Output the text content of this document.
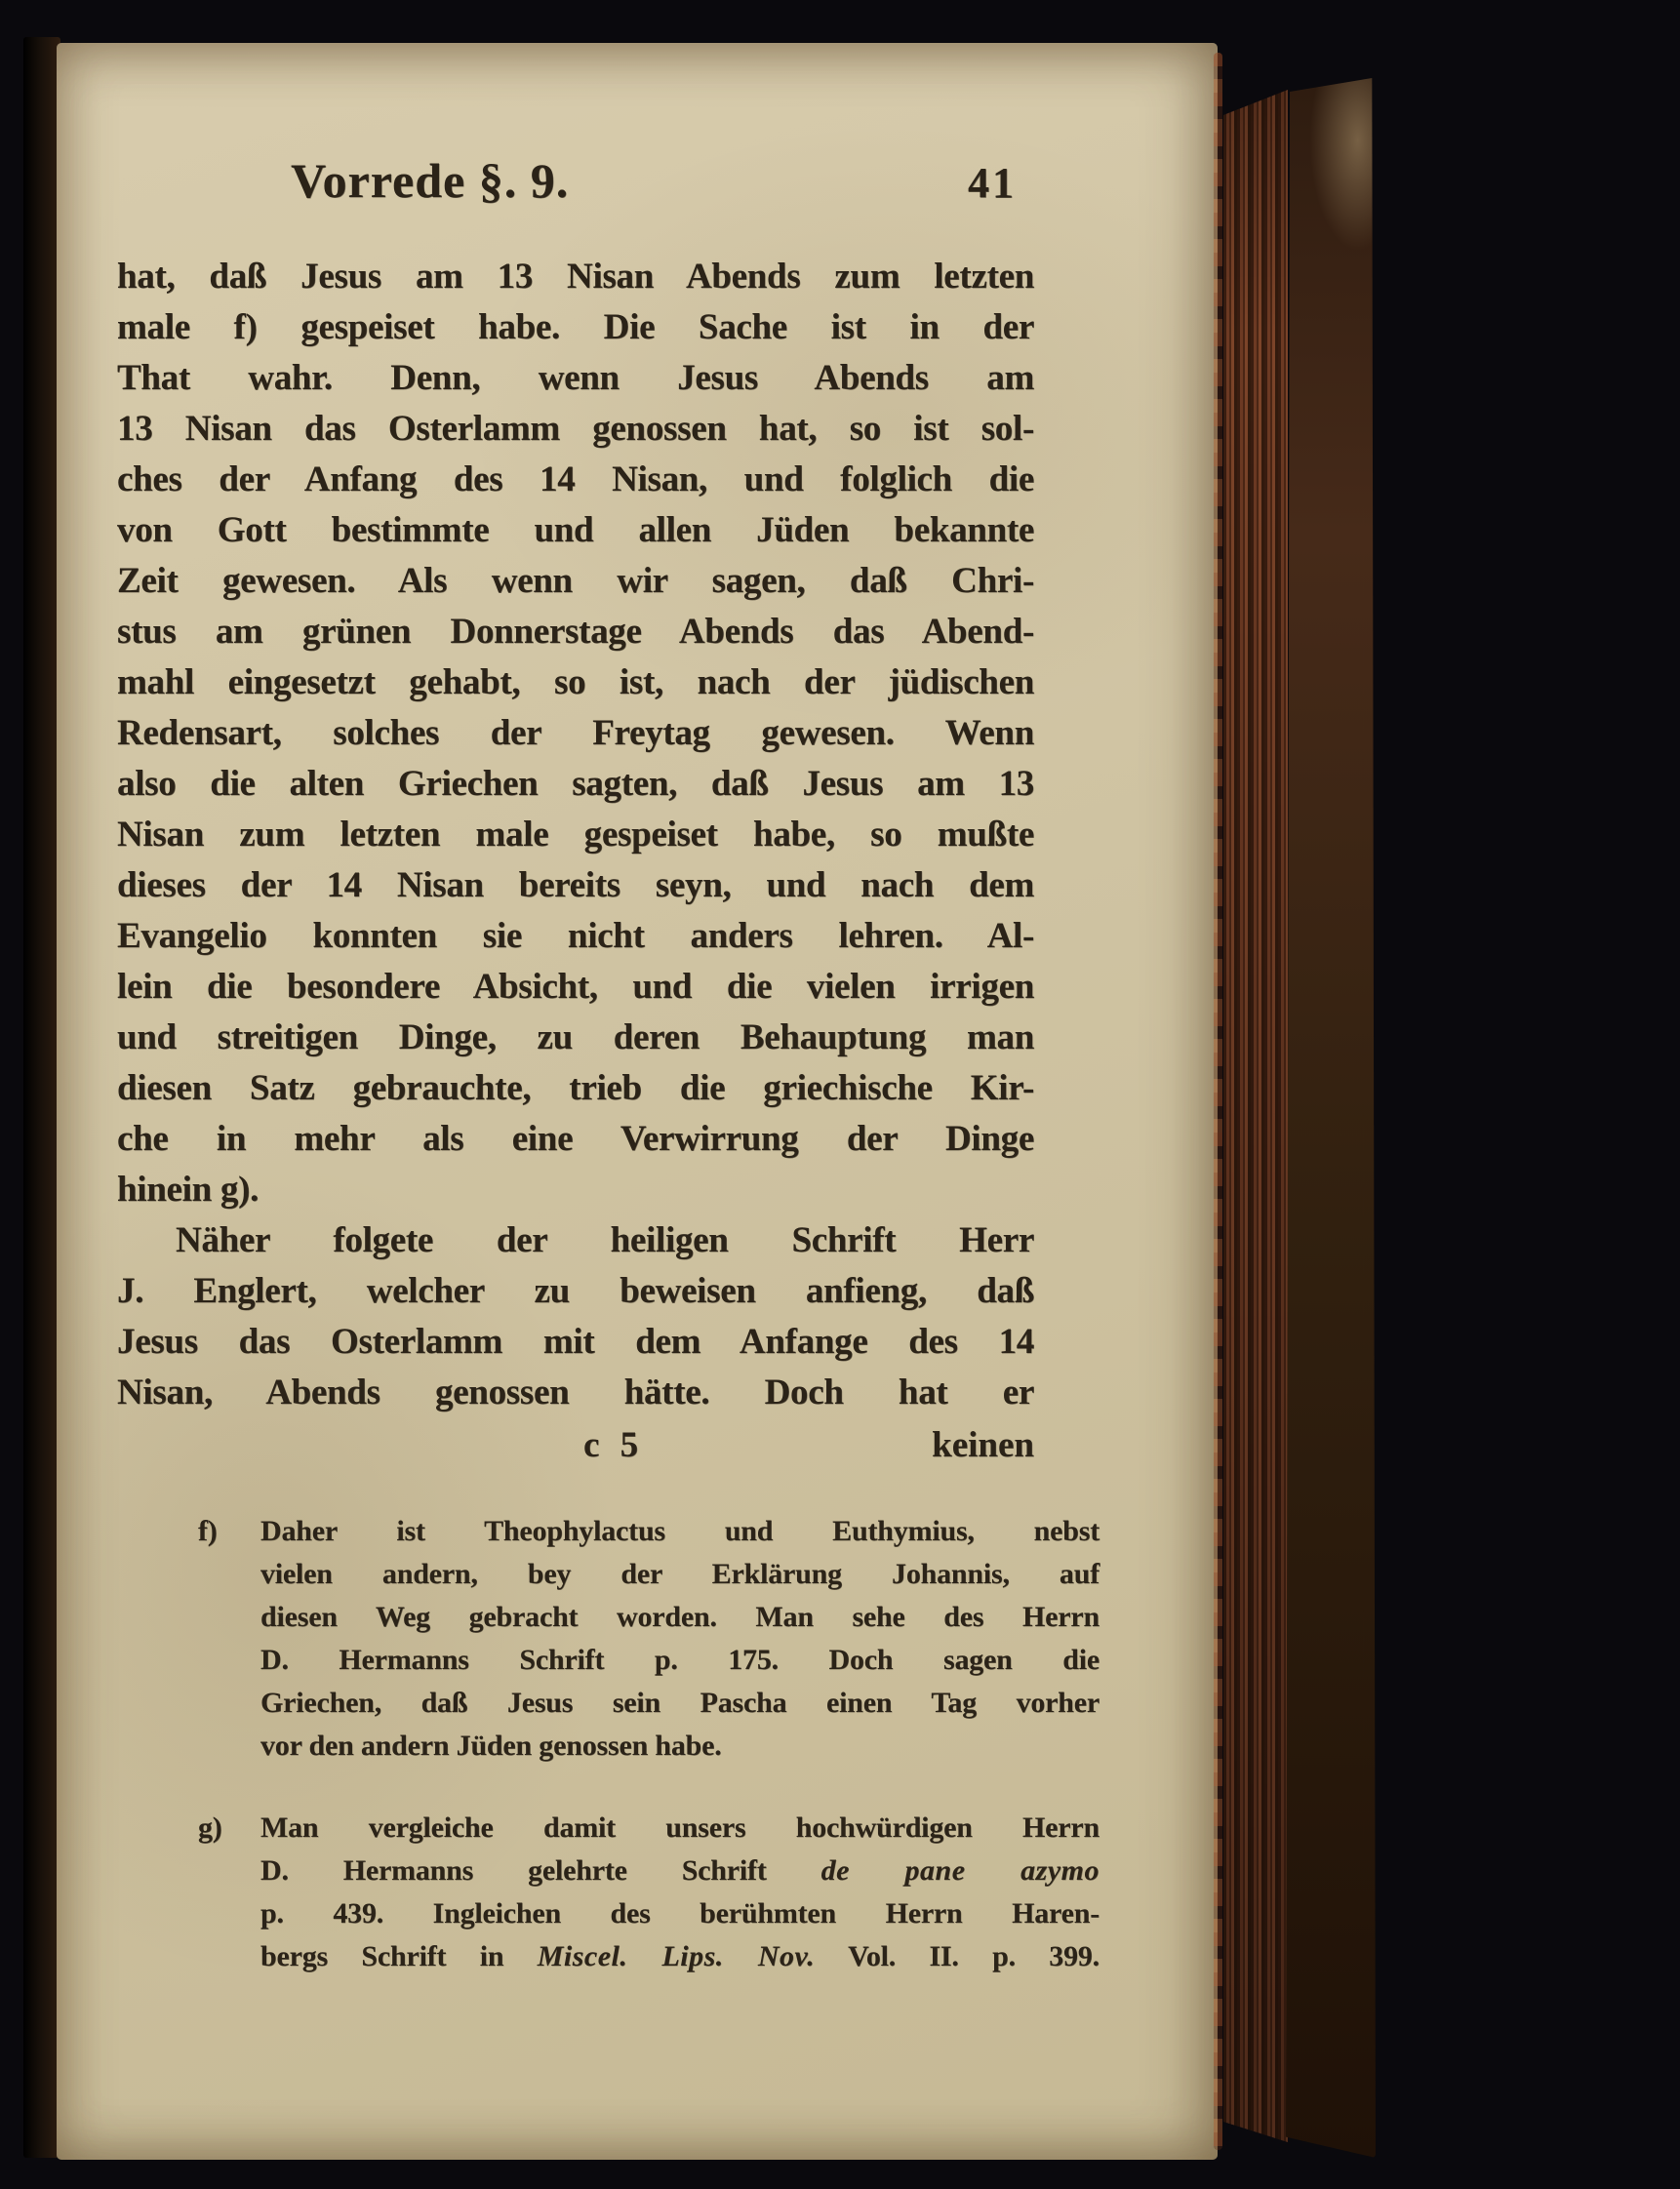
Vorrede §. 9.	41
hat, daß Jesus am 13 Nisan Abends zum letzten
male f) gespeiset habe. Die Sache ist in der
That wahr. Denn, wenn Jesus Abends am
13 Nisan das Osterlamm genossen hat, so ist sol-
ches der Anfang des 14 Nisan, und folglich die
von Gott bestimmte und allen Jüden bekannte
Zeit gewesen. Als wenn wir sagen, daß Chri-
stus am grünen Donnerstage Abends das Abend-
mahl eingesetzt gehabt, so ist, nach der jüdischen
Redensart, solches der Freytag gewesen. Wenn
also die alten Griechen sagten, daß Jesus am 13
Nisan zum letzten male gespeiset habe, so mußte
dieses der 14 Nisan bereits seyn, und nach dem
Evangelio konnten sie nicht anders lehren. Al-
lein die besondere Absicht, und die vielen irrigen
und streitigen Dinge, zu deren Behauptung man
diesen Satz gebrauchte, trieb die griechische Kir-
che in mehr als eine Verwirrung der Dinge
hinein g).
Näher folgete der heiligen Schrift Herr
J. Englert, welcher zu beweisen anfieng, daß
Jesus das Osterlamm mit dem Anfange des 14
Nisan, Abends genossen hätte. Doch hat er
c 5	keinen
f) Daher ist Theophylactus und Euthymius, nebst
vielen andern, bey der Erklärung Johannis, auf
diesen Weg gebracht worden. Man sehe des Herrn
D. Hermanns Schrift p. 175. Doch sagen die
Griechen, daß Jesus sein Pascha einen Tag vorher
vor den andern Jüden genossen habe.
g) Man vergleiche damit unsers hochwürdigen Herrn
D. Hermanns gelehrte Schrift de pane azymo
p. 439. Ingleichen des berühmten Herrn Haren-
bergs Schrift in Miscel. Lips. Nov. Vol. II. p. 399.
